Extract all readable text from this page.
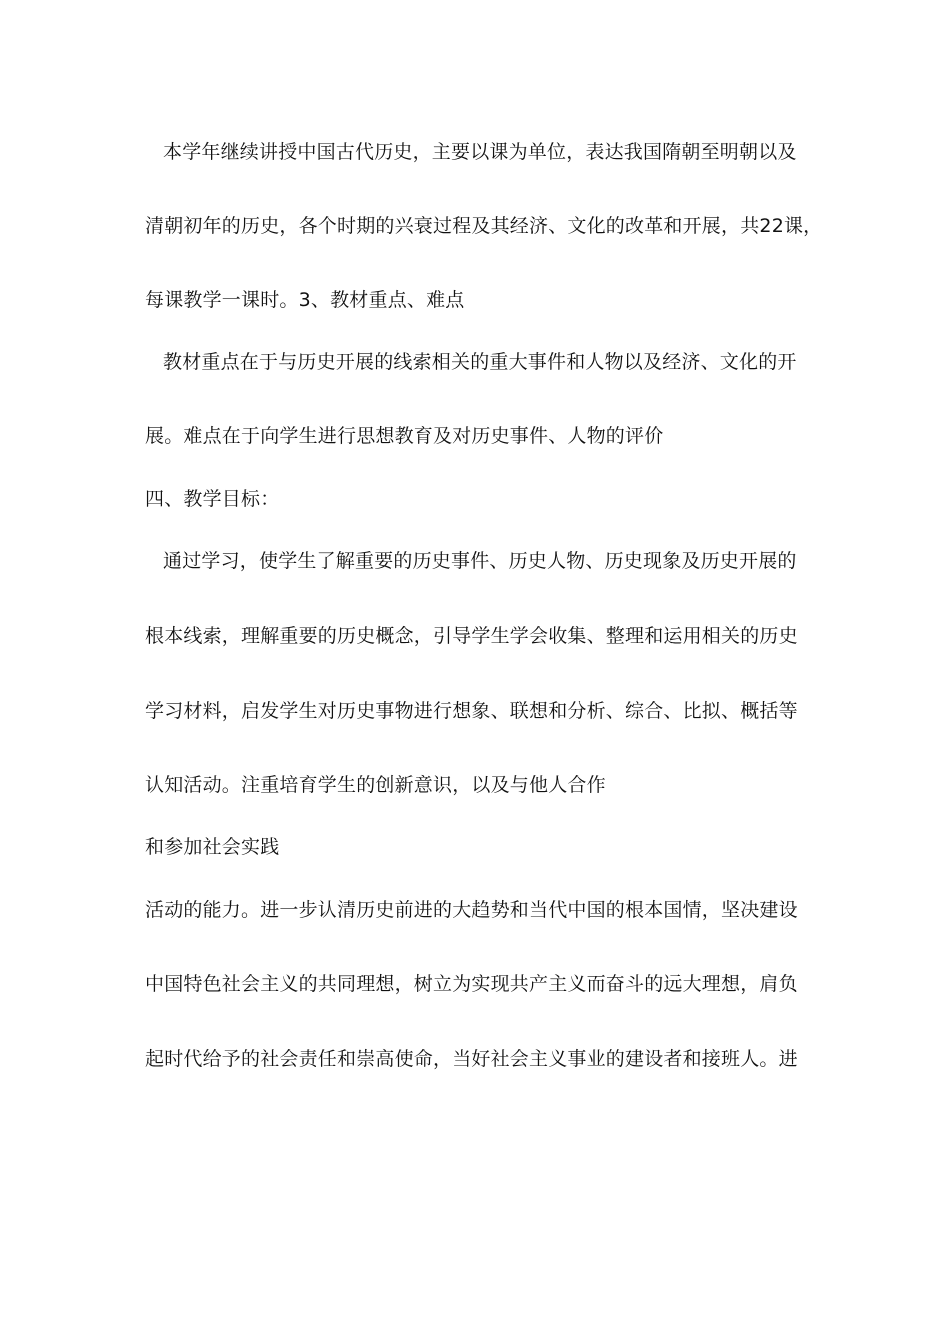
本学年继续讲授中国古代历史，主要以课为单位，表达我国隋朝至明朝以及
清朝初年的历史，各个时期的兴衰过程及其经济、文化的改革和开展，共22课，
每课教学一课时。3、教材重点、难点
教材重点在于与历史开展的线索相关的重大事件和人物以及经济、文化的开
展。难点在于向学生进行思想教育及对历史事件、人物的评价
四、教学目标：
通过学习，使学生了解重要的历史事件、历史人物、历史现象及历史开展的
根本线索，理解重要的历史概念，引导学生学会收集、整理和运用相关的历史
学习材料，启发学生对历史事物进行想象、联想和分析、综合、比拟、概括等
认知活动。注重培育学生的创新意识，以及与他人合作
和参加社会实践
活动的能力。进一步认清历史前进的大趋势和当代中国的根本国情，坚决建设
中国特色社会主义的共同理想，树立为实现共产主义而奋斗的远大理想，肩负
起时代给予的社会责任和崇高使命，当好社会主义事业的建设者和接班人。进
